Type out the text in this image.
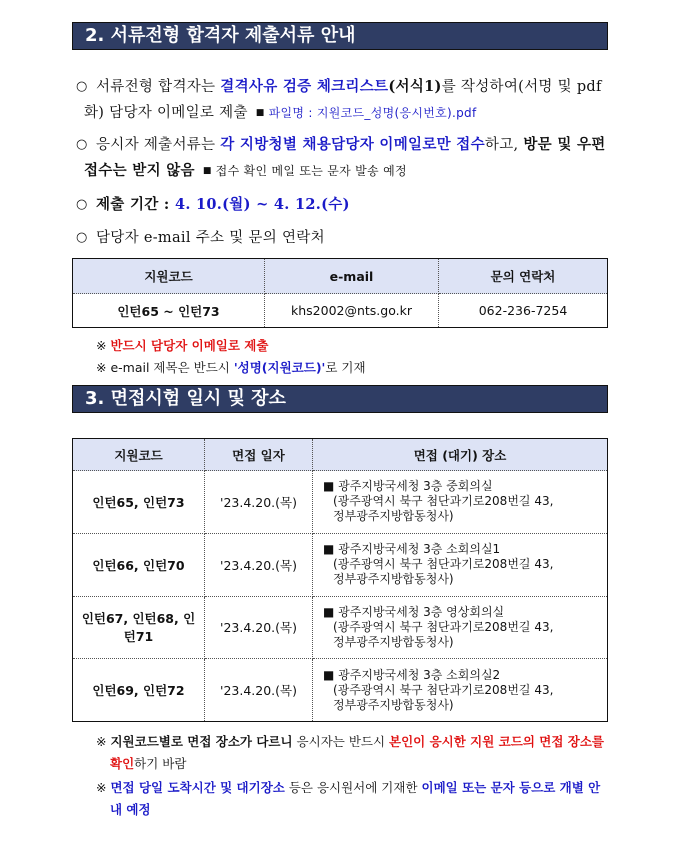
2. 서류전형 합격자 제출서류 안내
○ 서류전형 합격자는 결격사유 검증 체크리스트(서식1)를 작성하여(서명 및 pdf화) 담당자 이메일로 제출 ■ 파일명 : 지원코드_성명(응시번호).pdf
○ 응시자 제출서류는 각 지방청별 채용담당자 이메일로만 접수하고, 방문 및 우편접수는 받지 않음 ■ 접수 확인 메일 또는 문자 발송 예정
○ 제출 기간 : 4. 10.(월) ~ 4. 12.(수)
○ 담당자 e-mail 주소 및 문의 연락처
지원코드	e-mail	문의 연락처
인턴65 ~ 인턴73	khs2002@nts.go.kr	062-236-7254
※ 반드시 담당자 이메일로 제출
※ e-mail 제목은 반드시 '성명(지원코드)'로 기재
3. 면접시험 일시 및 장소
지원코드	면접 일자	면접 (대기) 장소
인턴65, 인턴73	'23.4.20.(목)	■ 광주지방국세청 3층 중회의실
(광주광역시 북구 첨단과기로208번길 43,
정부광주지방합동청사)

인턴66, 인턴70	'23.4.20.(목)	■ 광주지방국세청 3층 소회의실1
(광주광역시 북구 첨단과기로208번길 43,
정부광주지방합동청사)

인턴67, 인턴68, 인턴71	'23.4.20.(목)	■ 광주지방국세청 3층 영상회의실
(광주광역시 북구 첨단과기로208번길 43,
정부광주지방합동청사)

인턴69, 인턴72	'23.4.20.(목)	■ 광주지방국세청 3층 소회의실2
(광주광역시 북구 첨단과기로208번길 43,
정부광주지방합동청사)
※ 지원코드별로 면접 장소가 다르니 응시자는 반드시 본인이 응시한 지원 코드의 면접 장소를 확인하기 바람
※ 면접 당일 도착시간 및 대기장소 등은 응시원서에 기재한 이메일 또는 문자 등으로 개별 안내 예정
